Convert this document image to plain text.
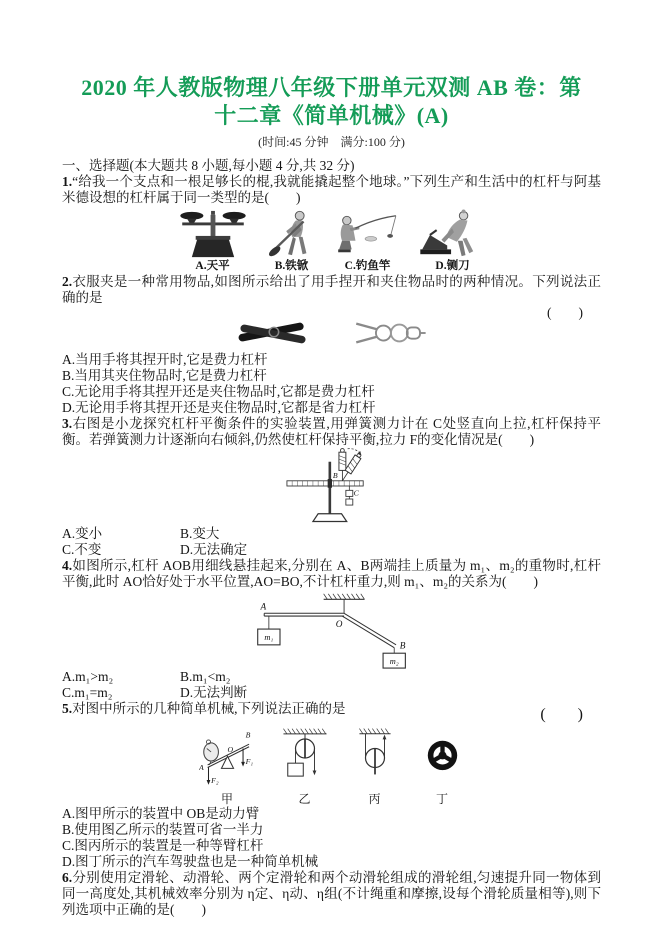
2020 年人教版物理八年级下册单元双测 AB 卷：第
十二章《简单机械》(A)
(时间:45 分钟　满分:100 分)
一、选择题(本大题共 8 小题,每小题 4 分,共 32 分)

1.“给我一个支点和一根足够长的棍,我就能撬起整个地球。”下列生产和生活中的杠杆与阿基米德设想的杠杆属于同一类型的是(　　)

A.天平	B.铁锨	C.钓鱼竿	D.铡刀

2.衣服夹是一种常用物品,如图所示给出了用手捏开和夹住物品时的两种情况。下列说法正确的是

(　　)
A.当用手将其捏开时,它是费力杠杆
B.当用其夹住物品时,它是费力杠杆
C.无论用手将其捏开还是夹住物品时,它都是费力杠杆
D.无论用手将其捏开还是夹住物品时,它都是省力杠杆

3.右图是小龙探究杠杆平衡条件的实验装置,用弹簧测力计在 C处竖直向上拉,杠杆保持平衡。若弹簧测力计逐渐向右倾斜,仍然使杠杆保持平衡,拉力 F的变化情况是(　　)

B
C
A.变小	B.变大
C.不变	D.无法确定

4.如图所示,杠杆 AOB用细线悬挂起来,分别在 A、B两端挂上质量为 m₁、m₂的重物时,杠杆平衡,此时 AO恰好处于水平位置,AO=BO,不计杠杆重力,则 m₁、m₂的关系为(　　)

A
O
B
m₁
m₂
A.m₁>m₂	B.m₁<m₂
C.m₁=m₂	D.无法判断

5.对图中所示的几种简单机械,下列说法正确的是	(　　)
A
O
B
F₁
F₂
甲	乙	丙	丁
A.图甲所示的装置中 OB是动力臂
B.使用图乙所示的装置可省一半力
C.图丙所示的装置是一种等臂杠杆
D.图丁所示的汽车驾驶盘也是一种简单机械

6.分别使用定滑轮、动滑轮、两个定滑轮和两个动滑轮组成的滑轮组,匀速提升同一物体到同一高度处,其机械效率分别为 η定、η动、η组(不计绳重和摩擦,设每个滑轮质量相等),则下列选项中正确的是(　　)
